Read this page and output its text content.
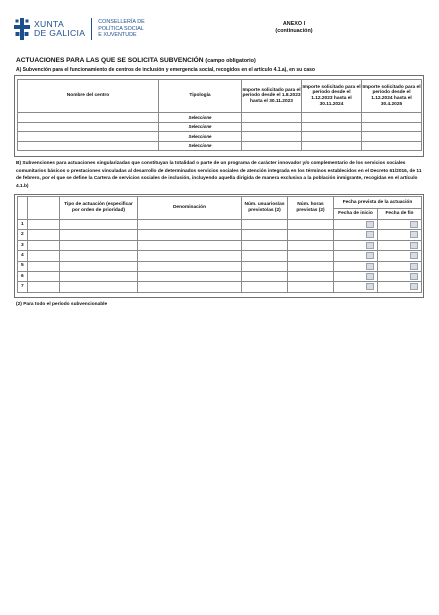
XUNTA
DE GALICIA
CONSELLERÍA DE
POLÍTICA SOCIAL
E XUVENTUDE
ANEXO I
(continuación)
ACTUACIONES PARA LAS QUE SE SOLICITA SUBVENCIÓN (campo obligatorio)
A) Subvención para el funcionamiento de centros de inclusión y emergencia social, recogidos en el artículo 4.1.a), en su caso
Nombre del centro	Tipología	Importe solicitado para el período desde el 1.8.2023 hasta el 30.11.2023	Importe solicitado para el período desde el 1.12.2023 hasta el 30.11.2024	Importe solicitado para el período desde el 1.12.2024 hasta el 30.4.2025
	Seleccione			
	Seleccione			
	Seleccione			
	Seleccione			
B) Subvenciones para actuaciones singularizadas que constituyan la totalidad o parte de un programa de carácter innovador y/o complementario de los servicios sociales comunitarios básicos o prestaciones vinculadas al desarrollo de determinados servicios sociales de atención integrada en los términos establecidos en el Decreto 61/2016, de 11 de febrero, por el que se define la Cartera de servicios sociales de inclusión, incluyendo aquella dirigida de manera exclusiva a la población inmigrante, recogidas en el artículo 4.1.b)
		Tipo de actuación (especificar por orden de prioridad)	Denominación	Núm. usuarios/as previsto/as (2)	Núm. horas previstas (2)	Fecha prevista de la actuación	
						Fecha de inicio	Fecha de fin
1							
2							
3							
4							
5							
6							
7							
(2) Para todo el período subvencionable
